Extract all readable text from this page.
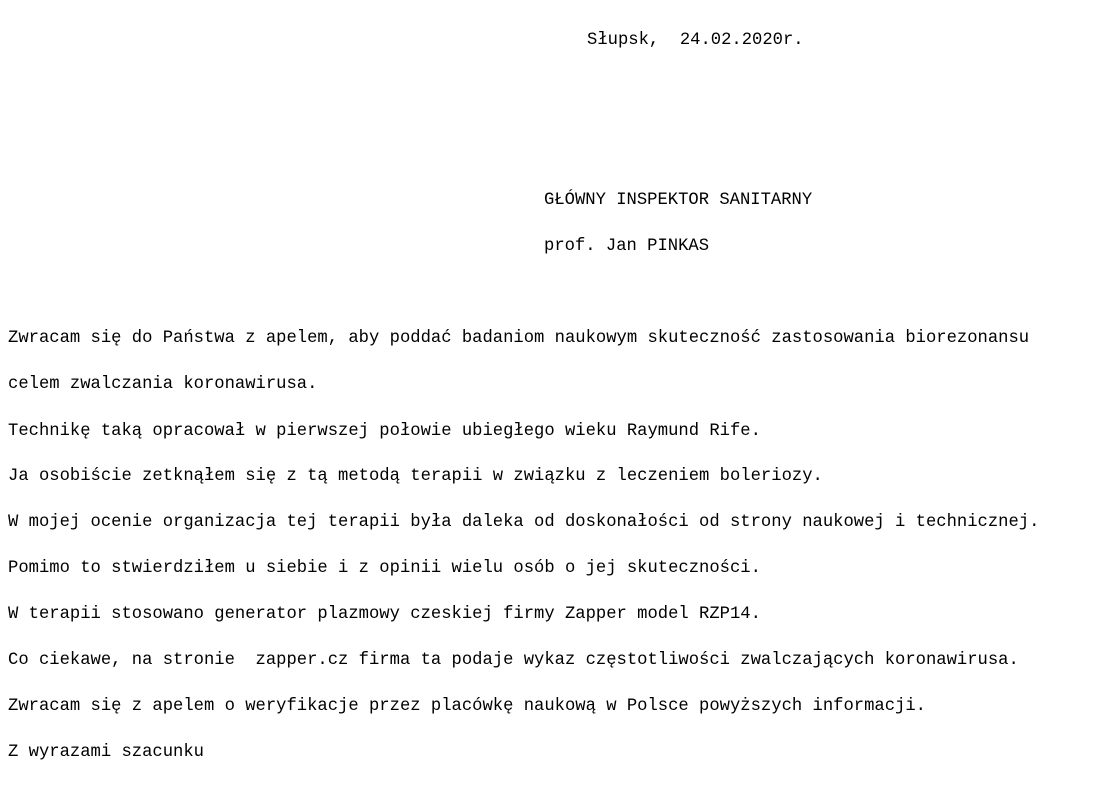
Słupsk,  24.02.2020r.

GŁÓWNY INSPEKTOR SANITARNY

prof. Jan PINKAS

Zwracam się do Państwa z apelem, aby poddać badaniom naukowym skuteczność zastosowania biorezonansu

celem zwalczania koronawirusa.

Technikę taką opracował w pierwszej połowie ubiegłego wieku Raymund Rife.

Ja osobiście zetknąłem się z tą metodą terapii w związku z leczeniem boleriozy.

W mojej ocenie organizacja tej terapii była daleka od doskonałości od strony naukowej i technicznej.

Pomimo to stwierdziłem u siebie i z opinii wielu osób o jej skuteczności.

W terapii stosowano generator plazmowy czeskiej firmy Zapper model RZP14.

Co ciekawe, na stronie  zapper.cz firma ta podaje wykaz częstotliwości zwalczających koronawirusa.

Zwracam się z apelem o weryfikacje przez placówkę naukową w Polsce powyższych informacji.

Z wyrazami szacunku
